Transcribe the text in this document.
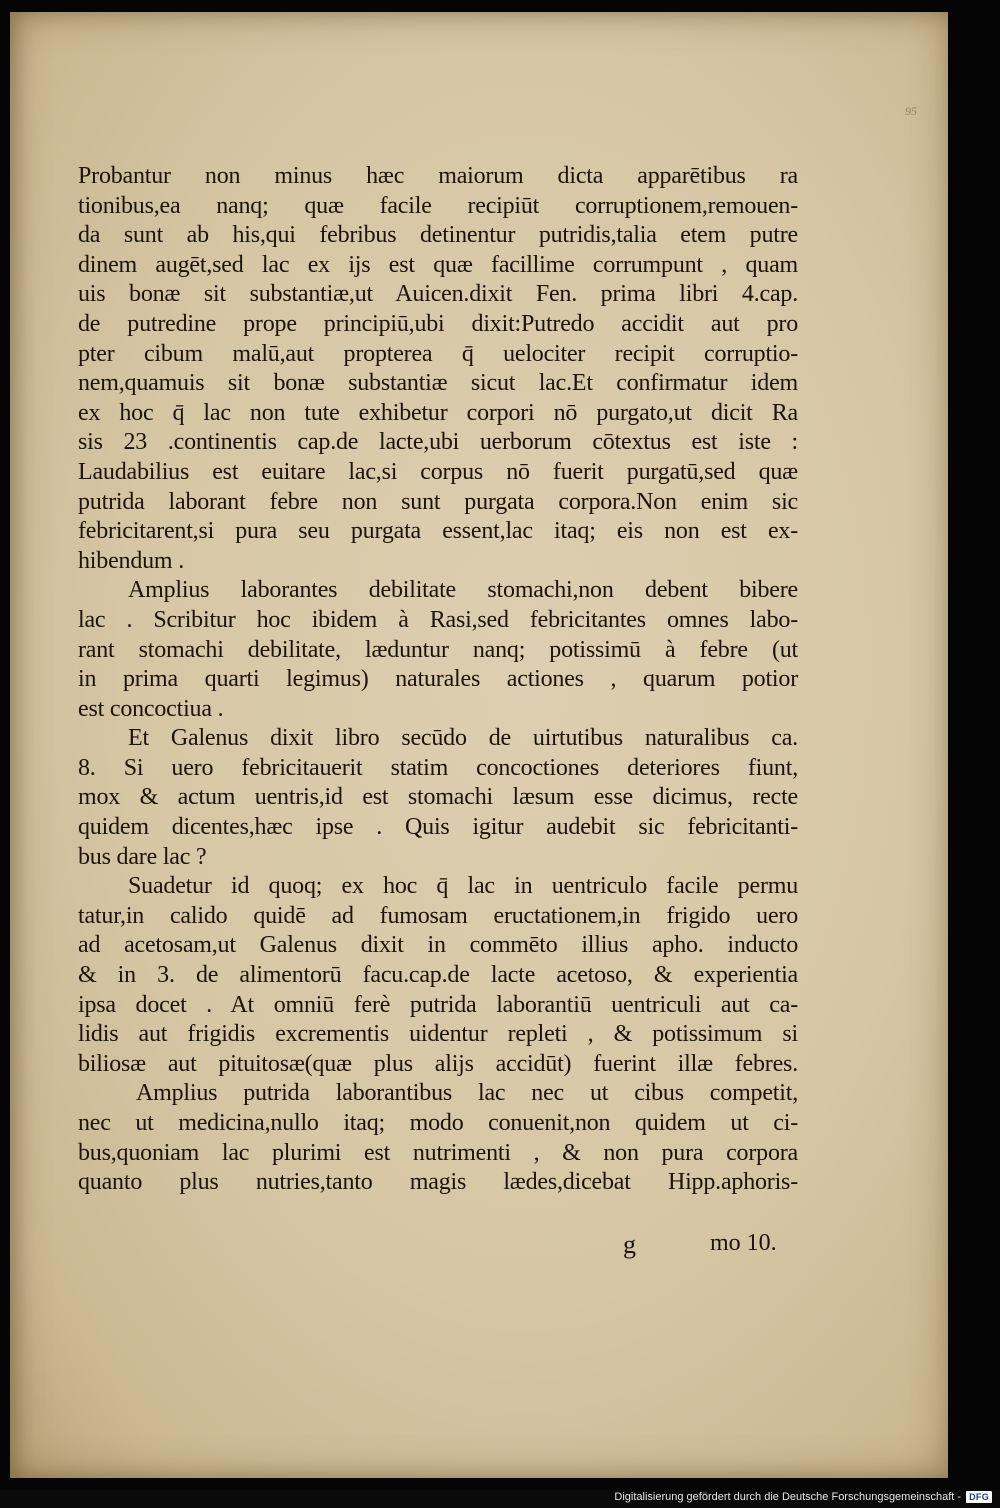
95
Probantur non minus hæc maiorum dicta apparētibus ra
tionibus,ea nanq; quæ facile recipiūt corruptionem,remouen-
da sunt ab his,qui febribus detinentur putridis,talia etem putre
dinem augēt,sed lac ex ijs est quæ facillime corrumpunt , quam
uis bonæ sit substantiæ,ut Auicen.dixit Fen. prima libri 4.cap.
de putredine prope principiū,ubi dixit:Putredo accidit aut pro
pter cibum malū,aut propterea q̄ uelociter recipit corruptio-
nem,quamuis sit bonæ substantiæ sicut lac.Et confirmatur idem
ex hoc q̄ lac non tute exhibetur corpori nō purgato,ut dicit Ra
sis 23 .continentis cap.de lacte,ubi uerborum cōtextus est iste :
Laudabilius est euitare lac,si corpus nō fuerit purgatū,sed quæ
putrida laborant febre non sunt purgata corpora.Non enim sic
febricitarent,si pura seu purgata essent,lac itaq; eis non est ex-
hibendum .
Amplius laborantes debilitate stomachi,non debent bibere
lac . Scribitur hoc ibidem à Rasi,sed febricitantes omnes labo-
rant stomachi debilitate, læduntur nanq; potissimū à febre (ut
in prima quarti legimus) naturales actiones , quarum potior
est concoctiua .
Et Galenus dixit libro secūdo de uirtutibus naturalibus ca.
8. Si uero febricitauerit statim concoctiones deteriores fiunt,
mox & actum uentris,id est stomachi læsum esse dicimus, recte
quidem dicentes,hæc ipse . Quis igitur audebit sic febricitanti-
bus dare lac ?
Suadetur id quoq; ex hoc q̄ lac in uentriculo facile permu
tatur,in calido quidē ad fumosam eructationem,in frigido uero
ad acetosam,ut Galenus dixit in commēto illius apho. inducto
& in 3. de alimentorū facu.cap.de lacte acetoso, & experientia
ipsa docet . At omniū ferè putrida laborantiū uentriculi aut ca-
lidis aut frigidis excrementis uidentur repleti , & potissimum si
biliosæ aut pituitosæ(quæ plus alijs accidūt) fuerint illæ febres.
Amplius putrida laborantibus lac nec ut cibus competit,
nec ut medicina,nullo itaq; modo conuenit,non quidem ut ci-
bus,quoniam lac plurimi est nutrimenti , & non pura corpora
quanto plus nutries,tanto magis lædes,dicebat Hipp.aphoris-
g	mo 10.
Digitalisierung gefördert durch die Deutsche Forschungsgemeinschaft - DFG
